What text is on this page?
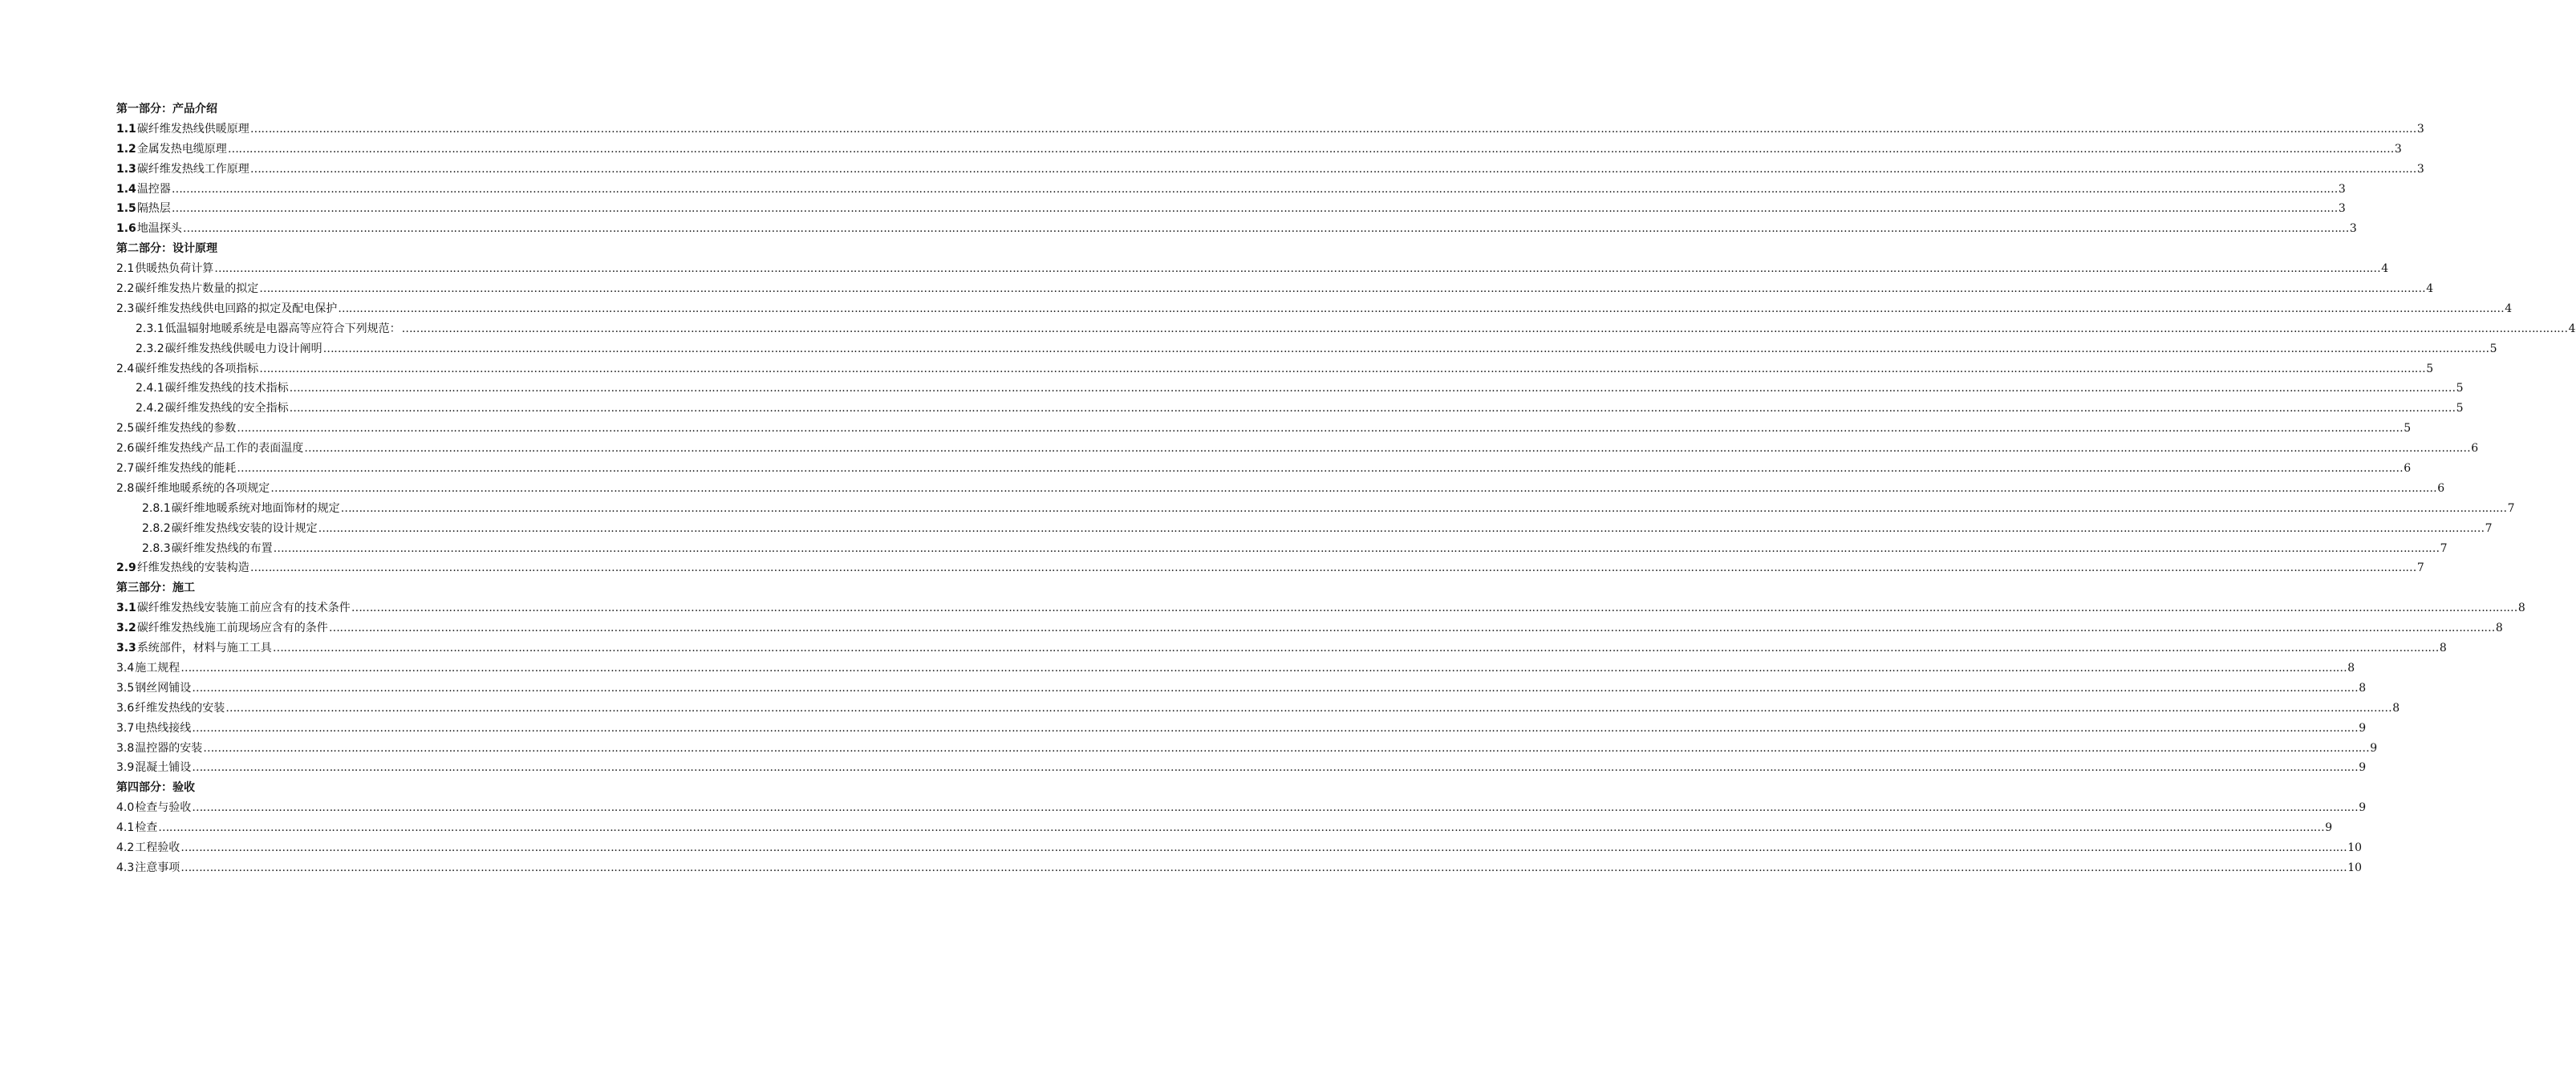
第一部分：产品介绍
1.1 碳纤维发热线供暖原理 …………………………………………………………………………………………………………………………………………………………………………………………………………………………………………………………………………………………………………………………………………………………………………………………………………………………………………………………………………………………………………………………………………………… 3
1.2 金属发热电缆原理 …………………………………………………………………………………………………………………………………………………………………………………………………………………………………………………………………………………………………………………………………………………………………………………………………………………………………………………………………………………………………………………………………………………… 3
1.3 碳纤维发热线工作原理 …………………………………………………………………………………………………………………………………………………………………………………………………………………………………………………………………………………………………………………………………………………………………………………………………………………………………………………………………………………………………………………………………………………… 3
1.4 温控器 …………………………………………………………………………………………………………………………………………………………………………………………………………………………………………………………………………………………………………………………………………………………………………………………………………………………………………………………………………………………………………………………………………………… 3
1.5 隔热层 …………………………………………………………………………………………………………………………………………………………………………………………………………………………………………………………………………………………………………………………………………………………………………………………………………………………………………………………………………………………………………………………………………………… 3
1.6 地温探头 …………………………………………………………………………………………………………………………………………………………………………………………………………………………………………………………………………………………………………………………………………………………………………………………………………………………………………………………………………………………………………………………………………………… 3
第二部分：设计原理
2.1 供暖热负荷计算 …………………………………………………………………………………………………………………………………………………………………………………………………………………………………………………………………………………………………………………………………………………………………………………………………………………………………………………………………………………………………………………………………………………… 4
2.2 碳纤维发热片数量的拟定 …………………………………………………………………………………………………………………………………………………………………………………………………………………………………………………………………………………………………………………………………………………………………………………………………………………………………………………………………………………………………………………………………………………… 4
2.3 碳纤维发热线供电回路的拟定及配电保护 …………………………………………………………………………………………………………………………………………………………………………………………………………………………………………………………………………………………………………………………………………………………………………………………………………………………………………………………………………………………………………………………………………………… 4
2.3.1 低温辐射地暖系统是电器高等应符合下列规范： …………………………………………………………………………………………………………………………………………………………………………………………………………………………………………………………………………………………………………………………………………………………………………………………………………………………………………………………………………………………………………………………………………………… 4
2.3.2 碳纤维发热线供暖电力设计阐明 …………………………………………………………………………………………………………………………………………………………………………………………………………………………………………………………………………………………………………………………………………………………………………………………………………………………………………………………………………………………………………………………………………………… 5
2.4 碳纤维发热线的各项指标 …………………………………………………………………………………………………………………………………………………………………………………………………………………………………………………………………………………………………………………………………………………………………………………………………………………………………………………………………………………………………………………………………………………… 5
2.4.1 碳纤维发热线的技术指标 …………………………………………………………………………………………………………………………………………………………………………………………………………………………………………………………………………………………………………………………………………………………………………………………………………………………………………………………………………………………………………………………………………………… 5
2.4.2 碳纤维发热线的安全指标 …………………………………………………………………………………………………………………………………………………………………………………………………………………………………………………………………………………………………………………………………………………………………………………………………………………………………………………………………………………………………………………………………………………… 5
2.5 碳纤维发热线的参数 …………………………………………………………………………………………………………………………………………………………………………………………………………………………………………………………………………………………………………………………………………………………………………………………………………………………………………………………………………………………………………………………………………………… 5
2.6 碳纤维发热线产品工作的表面温度 …………………………………………………………………………………………………………………………………………………………………………………………………………………………………………………………………………………………………………………………………………………………………………………………………………………………………………………………………………………………………………………………………………………… 6
2.7 碳纤维发热线的能耗 …………………………………………………………………………………………………………………………………………………………………………………………………………………………………………………………………………………………………………………………………………………………………………………………………………………………………………………………………………………………………………………………………………………… 6
2.8 碳纤维地暖系统的各项规定 …………………………………………………………………………………………………………………………………………………………………………………………………………………………………………………………………………………………………………………………………………………………………………………………………………………………………………………………………………………………………………………………………………………… 6
2.8.1 碳纤维地暖系统对地面饰材的规定 …………………………………………………………………………………………………………………………………………………………………………………………………………………………………………………………………………………………………………………………………………………………………………………………………………………………………………………………………………………………………………………………………………………… 7
2.8.2 碳纤维发热线安装的设计规定 …………………………………………………………………………………………………………………………………………………………………………………………………………………………………………………………………………………………………………………………………………………………………………………………………………………………………………………………………………………………………………………………………………………… 7
2.8.3 碳纤维发热线的布置 …………………………………………………………………………………………………………………………………………………………………………………………………………………………………………………………………………………………………………………………………………………………………………………………………………………………………………………………………………………………………………………………………………………… 7
2.9 纤维发热线的安装构造 …………………………………………………………………………………………………………………………………………………………………………………………………………………………………………………………………………………………………………………………………………………………………………………………………………………………………………………………………………………………………………………………………………………… 7
第三部分：施工
3.1 碳纤维发热线安装施工前应含有的技术条件 …………………………………………………………………………………………………………………………………………………………………………………………………………………………………………………………………………………………………………………………………………………………………………………………………………………………………………………………………………………………………………………………………………………… 8
3.2 碳纤维发热线施工前现场应含有的条件 …………………………………………………………………………………………………………………………………………………………………………………………………………………………………………………………………………………………………………………………………………………………………………………………………………………………………………………………………………………………………………………………………………………… 8
3.3 系统部件，材料与施工工具 …………………………………………………………………………………………………………………………………………………………………………………………………………………………………………………………………………………………………………………………………………………………………………………………………………………………………………………………………………………………………………………………………………………… 8
3.4 施工规程 …………………………………………………………………………………………………………………………………………………………………………………………………………………………………………………………………………………………………………………………………………………………………………………………………………………………………………………………………………………………………………………………………………………… 8
3.5 钢丝网铺设 …………………………………………………………………………………………………………………………………………………………………………………………………………………………………………………………………………………………………………………………………………………………………………………………………………………………………………………………………………………………………………………………………………………… 8
3.6 纤维发热线的安装 …………………………………………………………………………………………………………………………………………………………………………………………………………………………………………………………………………………………………………………………………………………………………………………………………………………………………………………………………………………………………………………………………………………… 8
3.7 电热线接线 …………………………………………………………………………………………………………………………………………………………………………………………………………………………………………………………………………………………………………………………………………………………………………………………………………………………………………………………………………………………………………………………………………………… 9
3.8 温控器的安装 …………………………………………………………………………………………………………………………………………………………………………………………………………………………………………………………………………………………………………………………………………………………………………………………………………………………………………………………………………………………………………………………………………………… 9
3.9 混凝土铺设 …………………………………………………………………………………………………………………………………………………………………………………………………………………………………………………………………………………………………………………………………………………………………………………………………………………………………………………………………………………………………………………………………………………… 9
第四部分：验收
4.0 检查与验收 …………………………………………………………………………………………………………………………………………………………………………………………………………………………………………………………………………………………………………………………………………………………………………………………………………………………………………………………………………………………………………………………………………………… 9
4.1 检查 …………………………………………………………………………………………………………………………………………………………………………………………………………………………………………………………………………………………………………………………………………………………………………………………………………………………………………………………………………………………………………………………………………………… 9
4.2 工程验收 …………………………………………………………………………………………………………………………………………………………………………………………………………………………………………………………………………………………………………………………………………………………………………………………………………………………………………………………………………………………………………………………………………………… 10
4.3 注意事项 …………………………………………………………………………………………………………………………………………………………………………………………………………………………………………………………………………………………………………………………………………………………………………………………………………………………………………………………………………………………………………………………………………………… 10
